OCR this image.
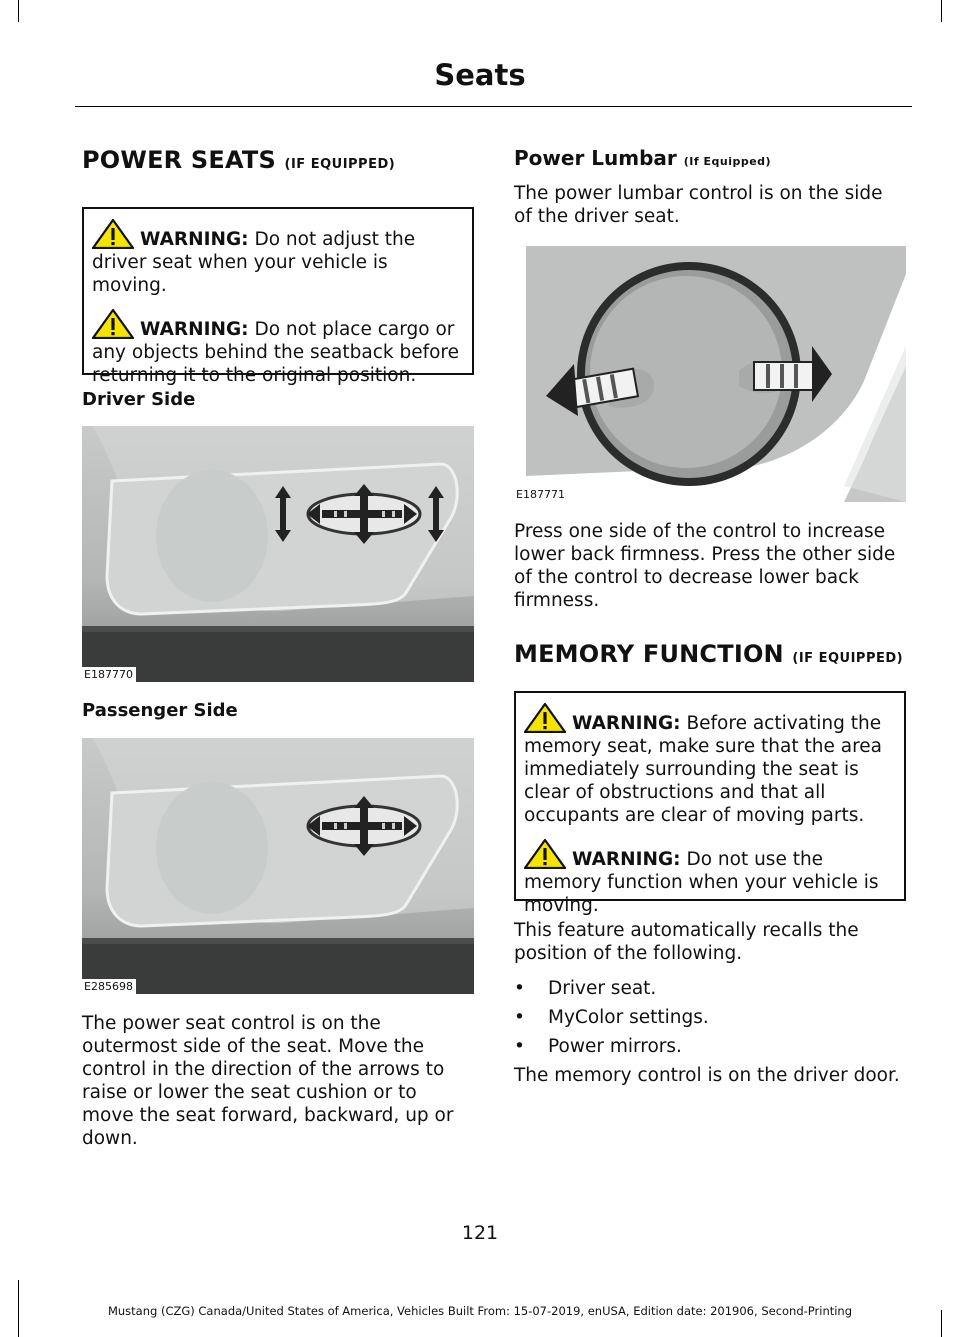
Seats
POWER SEATS (IF EQUIPPED)

WARNING: Do not adjust the driver seat when your vehicle is moving.

WARNING: Do not place cargo or any objects behind the seatback before returning it to the original position.

Driver Side
E187770
Passenger Side
E285698

The power seat control is on the outermost side of the seat. Move the control in the direction of the arrows to raise or lower the seat cushion or to move the seat forward, backward, up or down.

Power Lumbar (If Equipped)

The power lumbar control is on the side of the driver seat.

E187771

Press one side of the control to increase lower back firmness. Press the other side of the control to decrease lower back firmness.

MEMORY FUNCTION (IF EQUIPPED)

WARNING: Before activating the memory seat, make sure that the area immediately surrounding the seat is clear of obstructions and that all occupants are clear of moving parts.

WARNING: Do not use the memory function when your vehicle is moving.

This feature automatically recalls the position of the following.

• Driver seat.
• MyColor settings.
• Power mirrors.

The memory control is on the driver door.

121
Mustang (CZG) Canada/United States of America, Vehicles Built From: 15-07-2019, enUSA, Edition date: 201906, Second-Printing
